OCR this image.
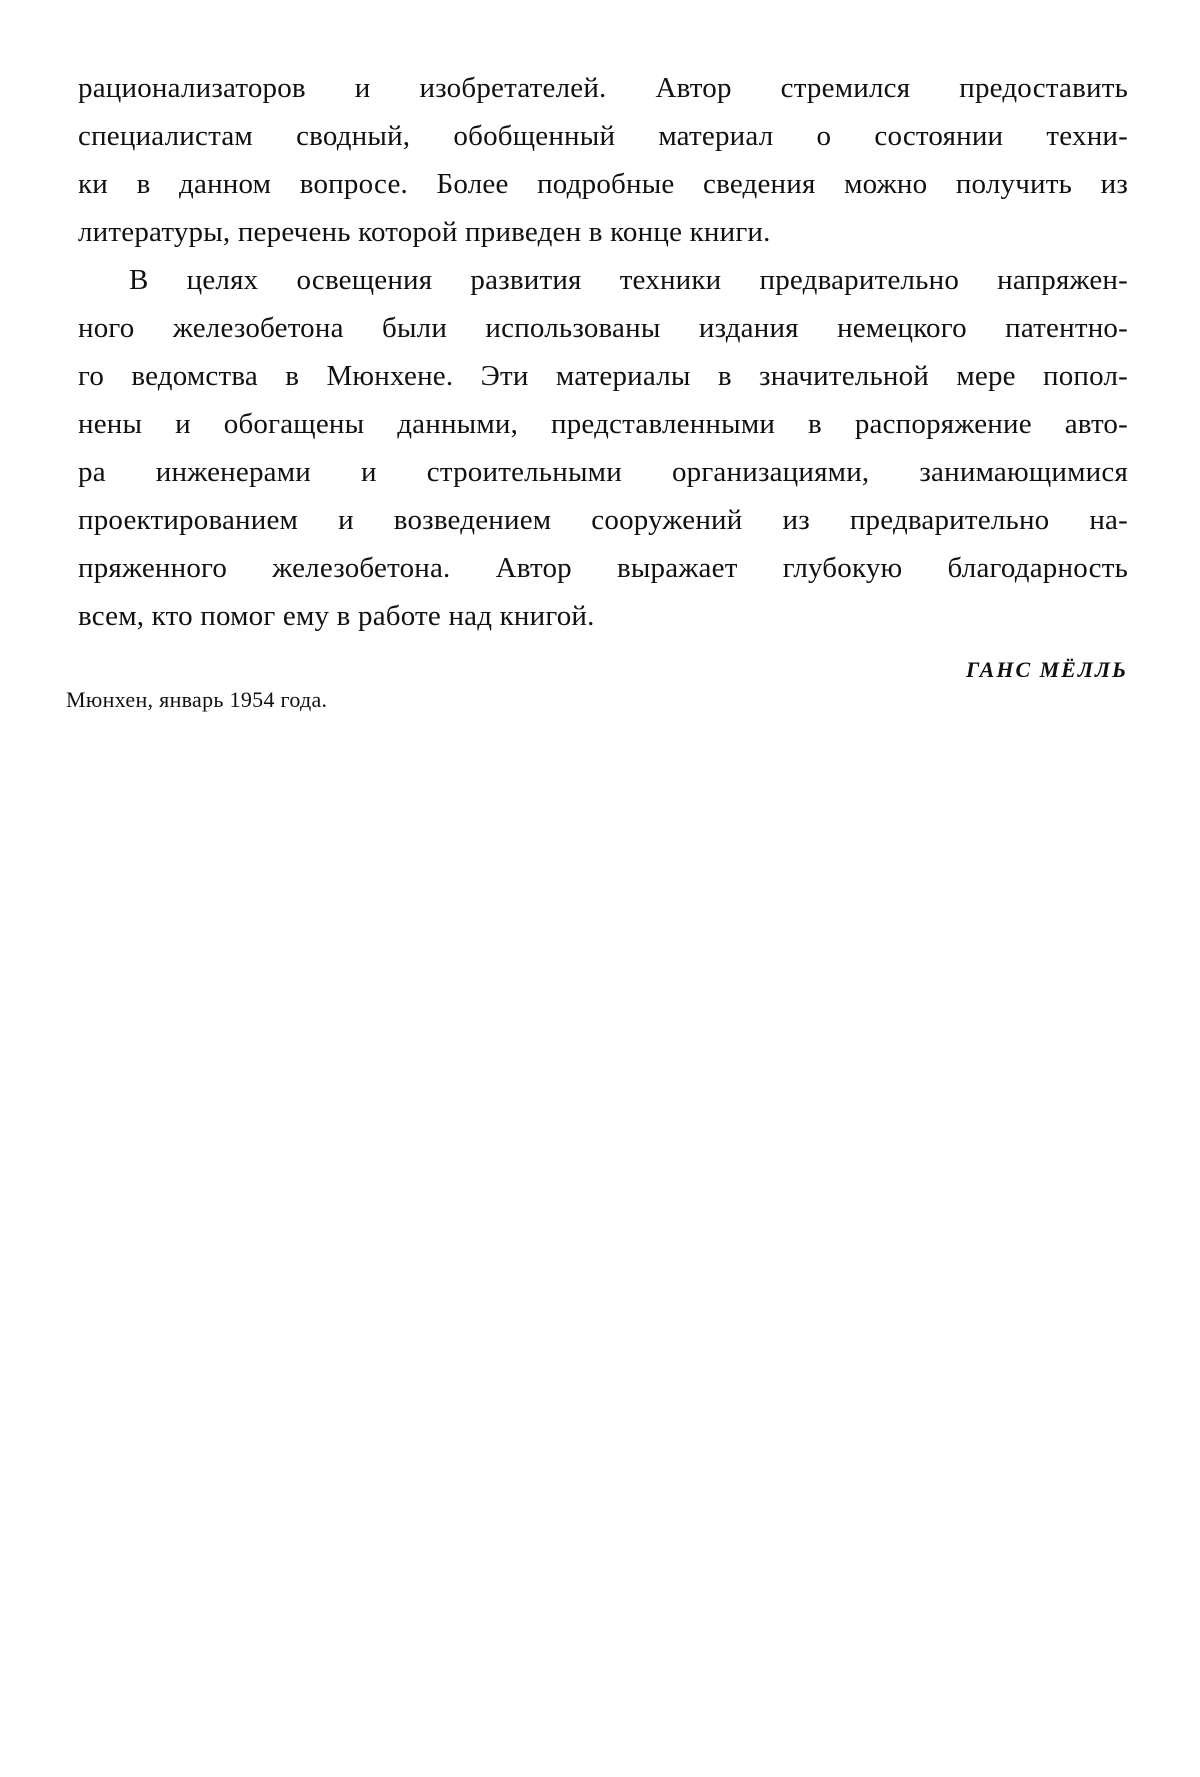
рационализаторов и изобретателей. Автор стремился предоставить
специалистам сводный, обобщенный материал о состоянии техни-
ки в данном вопросе. Более подробные сведения можно получить из
литературы, перечень которой приведен в конце книги.
В целях освещения развития техники предварительно напряжен-
ного железобетона были использованы издания немецкого патентно-
го ведомства в Мюнхене. Эти материалы в значительной мере попол-
нены и обогащены данными, представленными в распоряжение авто-
ра инженерами и строительными организациями, занимающимися
проектированием и возведением сооружений из предварительно на-
пряженного железобетона. Автор выражает глубокую благодарность
всем, кто помог ему в работе над книгой.
ГАНС МЁЛЛЬ
Мюнхен, январь 1954 года.
